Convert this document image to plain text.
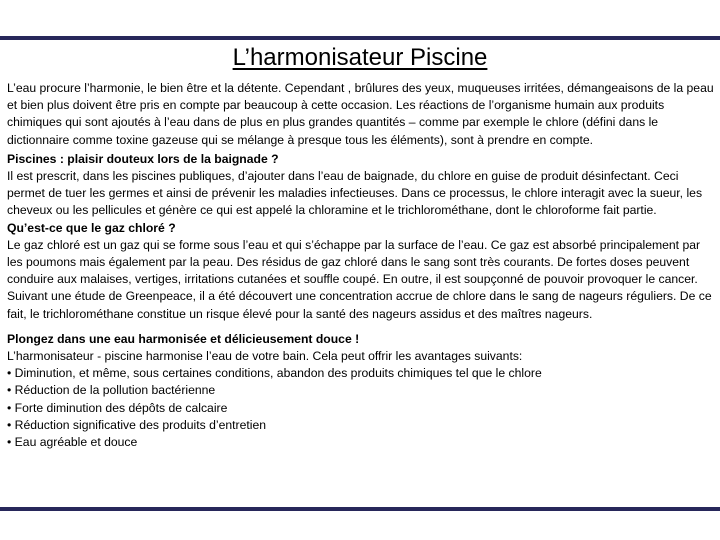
L’harmonisateur Piscine

L’eau procure l’harmonie, le bien être et la détente. Cependant , brûlures des yeux, muqueuses irritées, démangeaisons de la peau et bien plus doivent être pris en compte par beaucoup à cette occasion. Les réactions de l’organisme humain aux produits chimiques qui sont ajoutés à l’eau dans de plus en plus grandes quantités – comme par exemple le chlore (défini dans le dictionnaire comme toxine gazeuse qui se mélange à presque tous les éléments), sont à prendre en compte.

Piscines : plaisir douteux lors de la baignade ?

Il est prescrit, dans les piscines publiques, d’ajouter dans l’eau de baignade, du chlore en guise de produit désinfectant. Ceci permet de tuer les germes et ainsi de prévenir les maladies infectieuses. Dans ce processus, le chlore interagit avec la sueur, les cheveux ou les pellicules et génère ce qui est appelé la chloramine et le trichlorométhane, dont le chloroforme fait partie.

Qu’est-ce que le gaz chloré ?

Le gaz chloré est un gaz qui se forme sous l’eau et qui s’échappe par la surface de l’eau. Ce gaz est absorbé principalement par les poumons mais également par la peau. Des résidus de gaz chloré dans le sang sont très courants. De fortes doses peuvent conduire aux malaises, vertiges, irritations cutanées et souffle coupé. En outre, il est soupçonné de pouvoir provoquer le cancer. Suivant une étude de Greenpeace, il a été découvert une concentration accrue de chlore dans le sang de nageurs réguliers. De ce fait, le trichlorométhane constitue un risque élevé pour la santé des nageurs assidus et des maîtres nageurs.

Plongez dans une eau harmonisée et délicieusement douce !

L’harmonisateur - piscine harmonise l’eau de votre bain. Cela peut offrir les avantages suivants:

• Diminution, et même, sous certaines conditions, abandon des produits chimiques tel que le chlore
• Réduction de la pollution bactérienne
• Forte diminution des dépôts de calcaire
• Réduction significative des produits d’entretien
• Eau agréable et douce
